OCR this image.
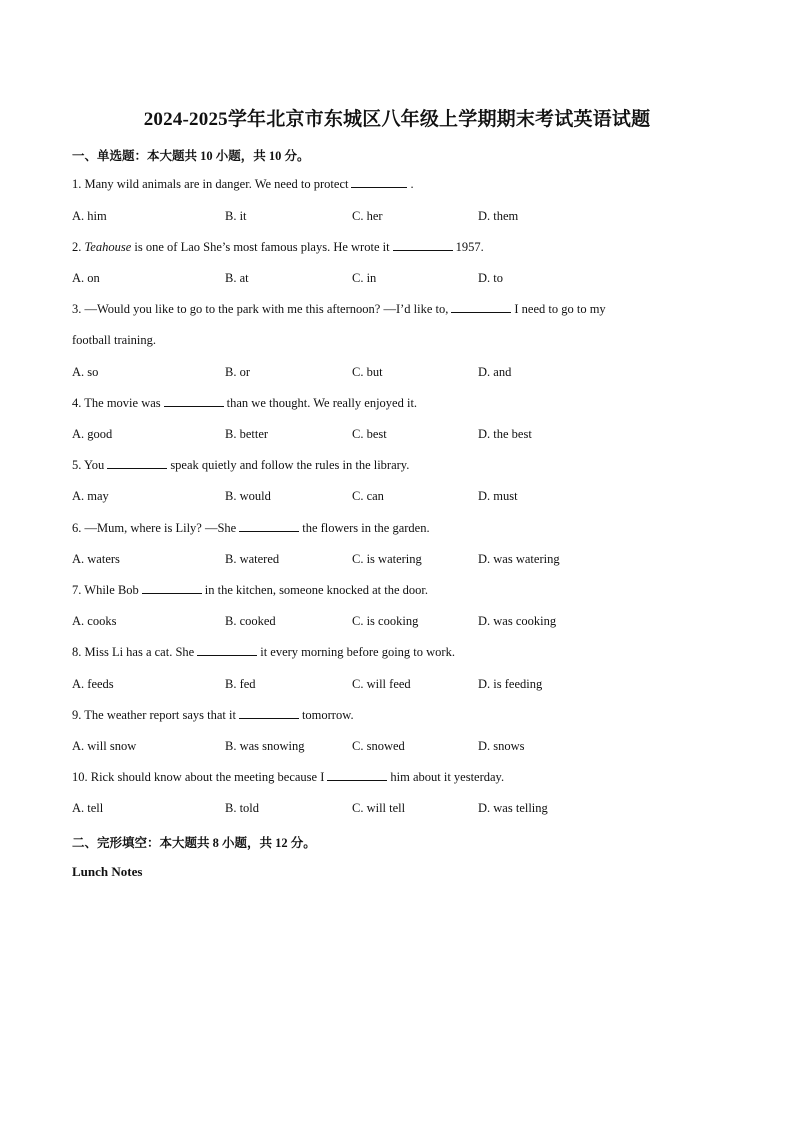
2024-2025学年北京市东城区八年级上学期期末考试英语试题
一、单选题：本大题共 10 小题，共 10 分。
1. Many wild animals are in danger. We need to protect	.
A. him	B. it	C. her	D. them
2. Teahouse is one of Lao She’s most famous plays. He wrote it	1957.
A. on	B. at	C. in	D. to
3. —Would you like to go to the park with me this afternoon? —I’d like to,	I need to go to my
football training.
A. so	B. or	C. but	D. and
4. The movie was	than we thought. We really enjoyed it.
A. good	B. better	C. best	D. the best
5. You	speak quietly and follow the rules in the library.
A. may	B. would	C. can	D. must
6. —Mum, where is Lily? —She	the flowers in the garden.
A. waters	B. watered	C. is watering	D. was watering
7. While Bob	in the kitchen, someone knocked at the door.
A. cooks	B. cooked	C. is cooking	D. was cooking
8. Miss Li has a cat. She	it every morning before going to work.
A. feeds	B. fed	C. will feed	D. is feeding
9. The weather report says that it	tomorrow.
A. will snow	B. was snowing	C. snowed	D. snows
10. Rick should know about the meeting because I	him about it yesterday.
A. tell	B. told	C. will tell	D. was telling
二、完形填空：本大题共 8 小题，共 12 分。
Lunch Notes
